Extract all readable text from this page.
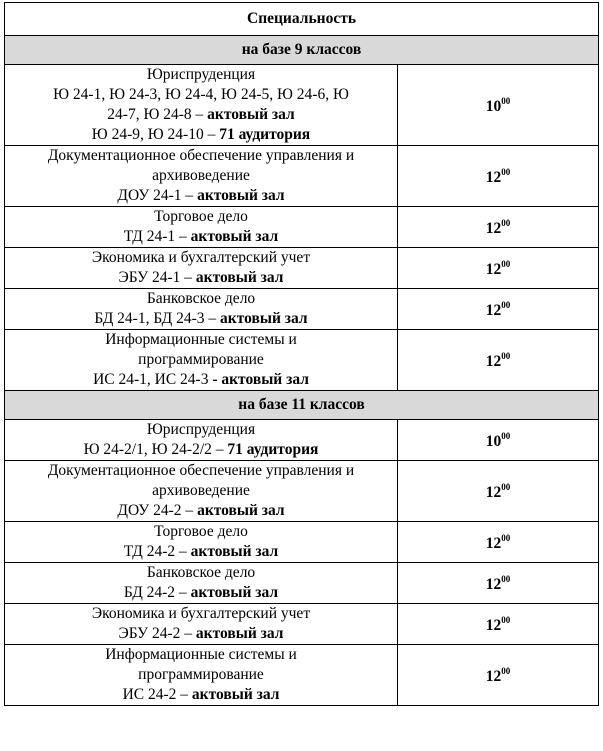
Специальность	
на базе 9 классов	

Юриспруденция
Ю 24-1, Ю 24-3, Ю 24-4, Ю 24-5, Ю 24-6, Ю
24-7, Ю 24-8 – актовый зал
Ю 24-9, Ю 24-10 – 71 аудитория	$10^{00}$

Документационное обеспечение управления и
архивоведение
ДОУ 24-1 – актовый зал	$12^{00}$

Торговое дело
ТД 24-1 – актовый зал	$12^{00}$

Экономика и бухгалтерский учет
ЭБУ 24-1 – актовый зал	$12^{00}$

Банковское дело
БД 24-1, БД 24-3 – актовый зал	$12^{00}$

Информационные системы и
программирование
ИС 24-1, ИС 24-3 - актовый зал	$12^{00}$
на базе 11 классов	

Юриспруденция
Ю 24-2/1, Ю 24-2/2 – 71 аудитория	$10^{00}$

Документационное обеспечение управления и
архивоведение
ДОУ 24-2 – актовый зал	$12^{00}$

Торговое дело
ТД 24-2 – актовый зал	$12^{00}$

Банковское дело
БД 24-2 – актовый зал	$12^{00}$

Экономика и бухгалтерский учет
ЭБУ 24-2 – актовый зал	$12^{00}$

Информационные системы и
программирование
ИС 24-2 – актовый зал	$12^{00}$
